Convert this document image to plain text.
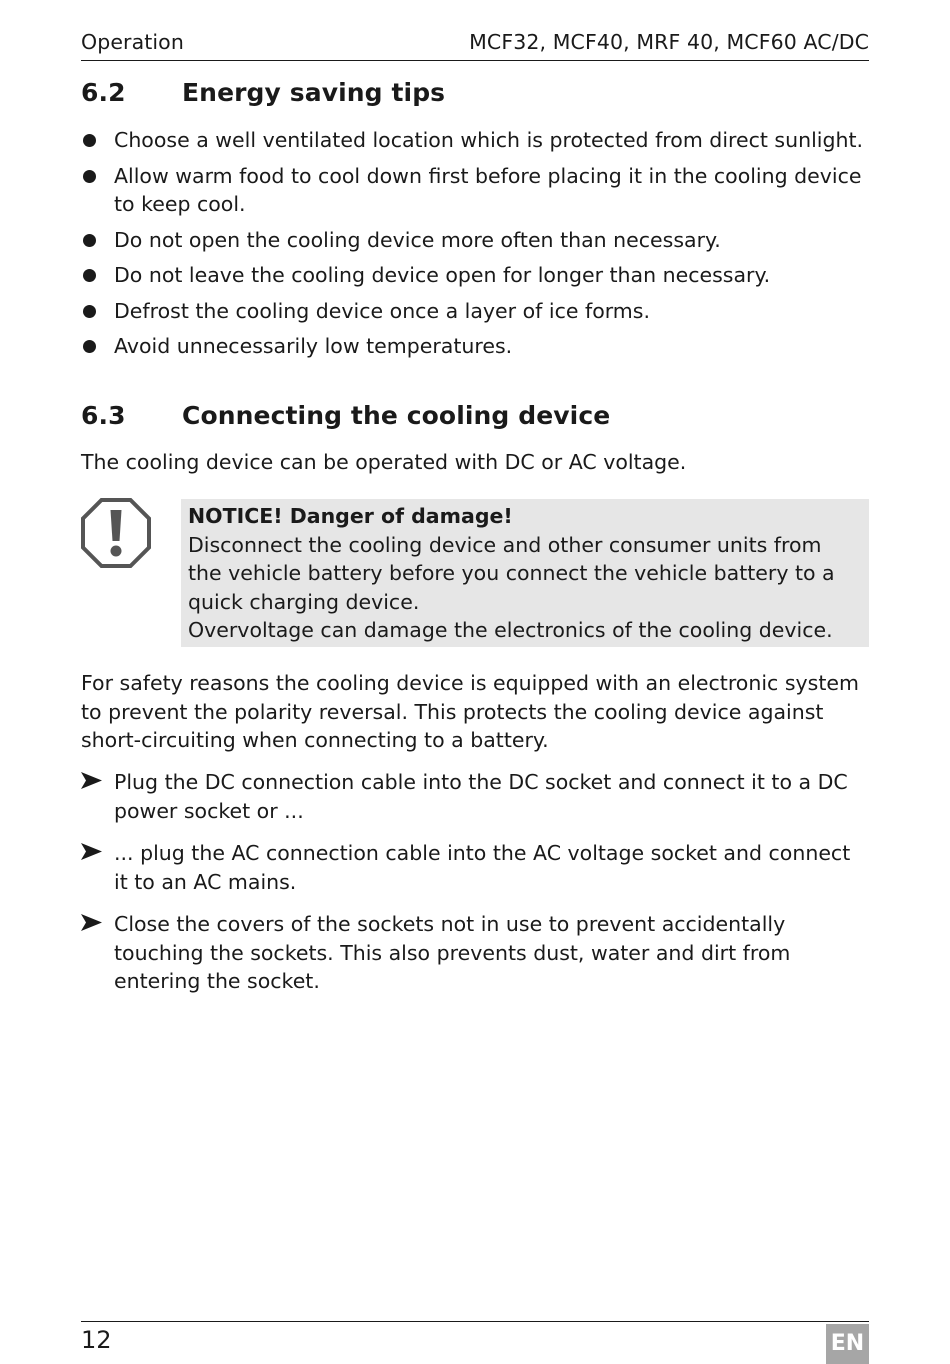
Operation	MCF32, MCF40, MRF 40, MCF60 AC/DC
6.2 Energy saving tips
Choose a well ventilated location which is protected from direct sunlight.
Allow warm food to cool down first before placing it in the cooling device to keep cool.
Do not open the cooling device more often than necessary.
Do not leave the cooling device open for longer than necessary.
Defrost the cooling device once a layer of ice forms.
Avoid unnecessarily low temperatures.
6.3 Connecting the cooling device

The cooling device can be operated with DC or AC voltage.

NOTICE! Danger of damage!
Disconnect the cooling device and other consumer units from the vehicle battery before you connect the vehicle battery to a quick charging device.
Overvoltage can damage the electronics of the cooling device.

For safety reasons the cooling device is equipped with an electronic system to prevent the polarity reversal. This protects the cooling device against short-circuiting when connecting to a battery.

Plug the DC connection cable into the DC socket and connect it to a DC power socket or ...
... plug the AC connection cable into the AC voltage socket and connect it to an AC mains.
Close the covers of the sockets not in use to prevent accidentally touching the sockets. This also prevents dust, water and dirt from entering the socket.
12	EN
